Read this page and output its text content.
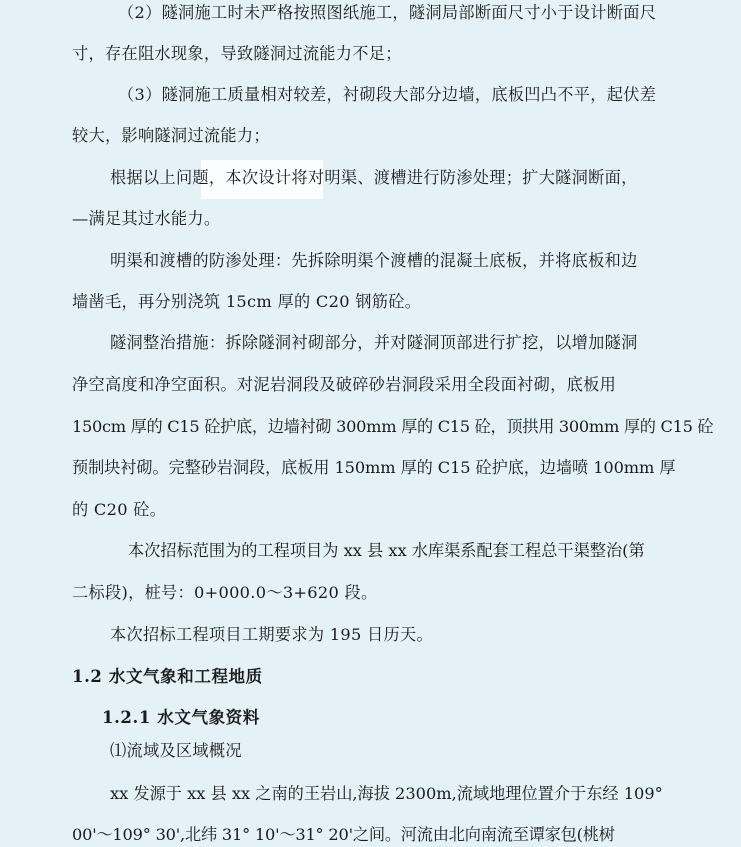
（2）隧洞施工时未严格按照图纸施工，隧洞局部断面尺寸小于设计断面尺
寸，存在阻水现象，导致隧洞过流能力不足；
（3）隧洞施工质量相对较差，衬砌段大部分边墙，底板凹凸不平，起伏差
较大，影响隧洞过流能力；
根据以上问题，本次设计将对明渠、渡槽进行防渗处理；扩大隧洞断面，
—满足其过水能力。
明渠和渡槽的防渗处理：先拆除明渠个渡槽的混凝土底板，并将底板和边
墙凿毛，再分别浇筑 15cm 厚的 C20 钢筋砼。
隧洞整治措施：拆除隧洞衬砌部分，并对隧洞顶部进行扩挖，以增加隧洞
净空高度和净空面积。对泥岩洞段及破碎砂岩洞段采用全段面衬砌，底板用
150cm 厚的 C15 砼护底，边墙衬砌 300mm 厚的 C15 砼，顶拱用 300mm 厚的 C15 砼
预制块衬砌。完整砂岩洞段，底板用 150mm 厚的 C15 砼护底，边墙喷 100mm 厚
的 C20 砼。
本次招标范围为的工程项目为 xx 县 xx 水库渠系配套工程总干渠整治(第
二标段)，桩号：0+000.0～3+620 段。
本次招标工程项目工期要求为 195 日历天。
1.2 水文气象和工程地质
1.2.1 水文气象资料
⑴流域及区域概况
xx 发源于 xx 县 xx 之南的王岩山,海拔 2300m,流域地理位置介于东经 109°
00'～109° 30',北纬 31° 10'～31° 20'之间。河流由北向南流至谭家包(桃树
